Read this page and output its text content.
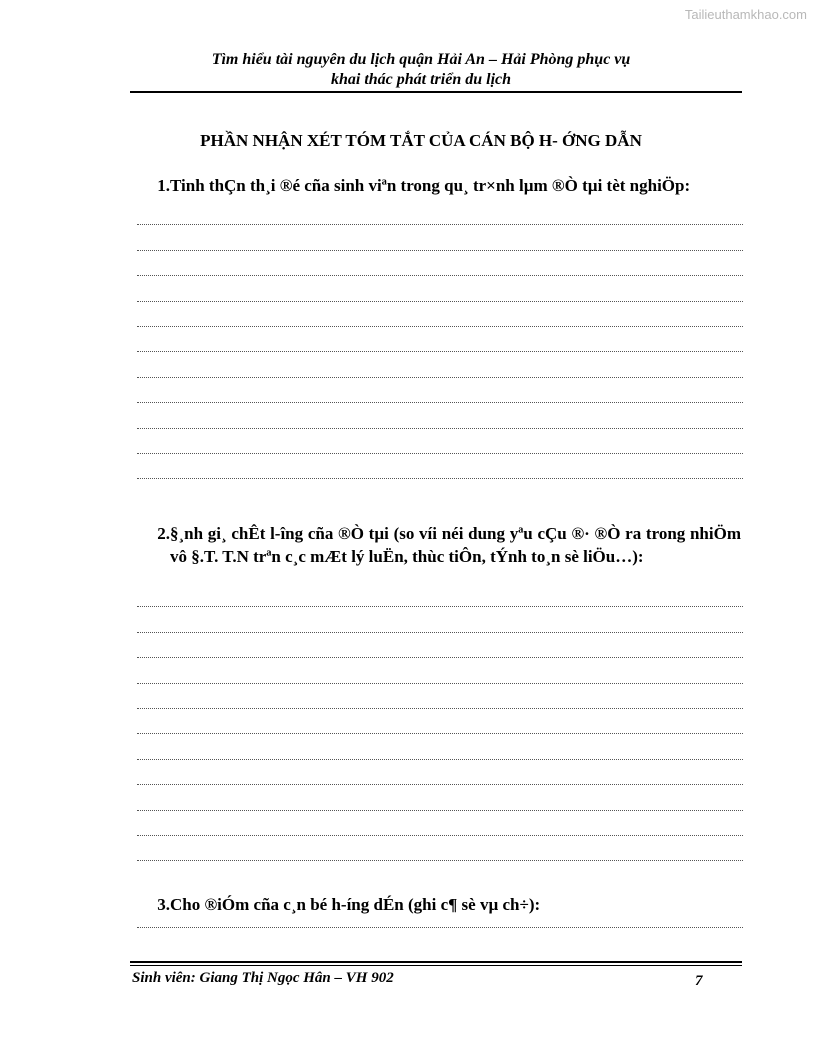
Tailieuthamkhao.com
Tìm hiểu tài nguyên du lịch quận Hải An – Hải Phòng phục vụ
khai thác phát triển du lịch
PHẦN NHẬN XÉT TÓM TẮT CỦA CÁN BỘ H- ỚNG DẪN
1. Tinh thÇn th¸i ®é cña sinh viªn trong qu¸ tr×nh lµm ®Ò tµi tèt nghiÖp:
2. §¸nh gi¸ chÊt l-îng cña ®Ò tµi (so víi néi dung yªu cÇu ®· ®Ò ra trong nhiÖm vô §.T. T.N trªn c¸c mÆt lý luËn, thùc tiÔn, tÝnh to¸n sè liÖu…):
3. Cho ®iÓm cña c¸n bé h-íng dÉn (ghi c¶ sè vµ ch÷):
Sinh viên: Giang Thị Ngọc Hân – VH 902	7
